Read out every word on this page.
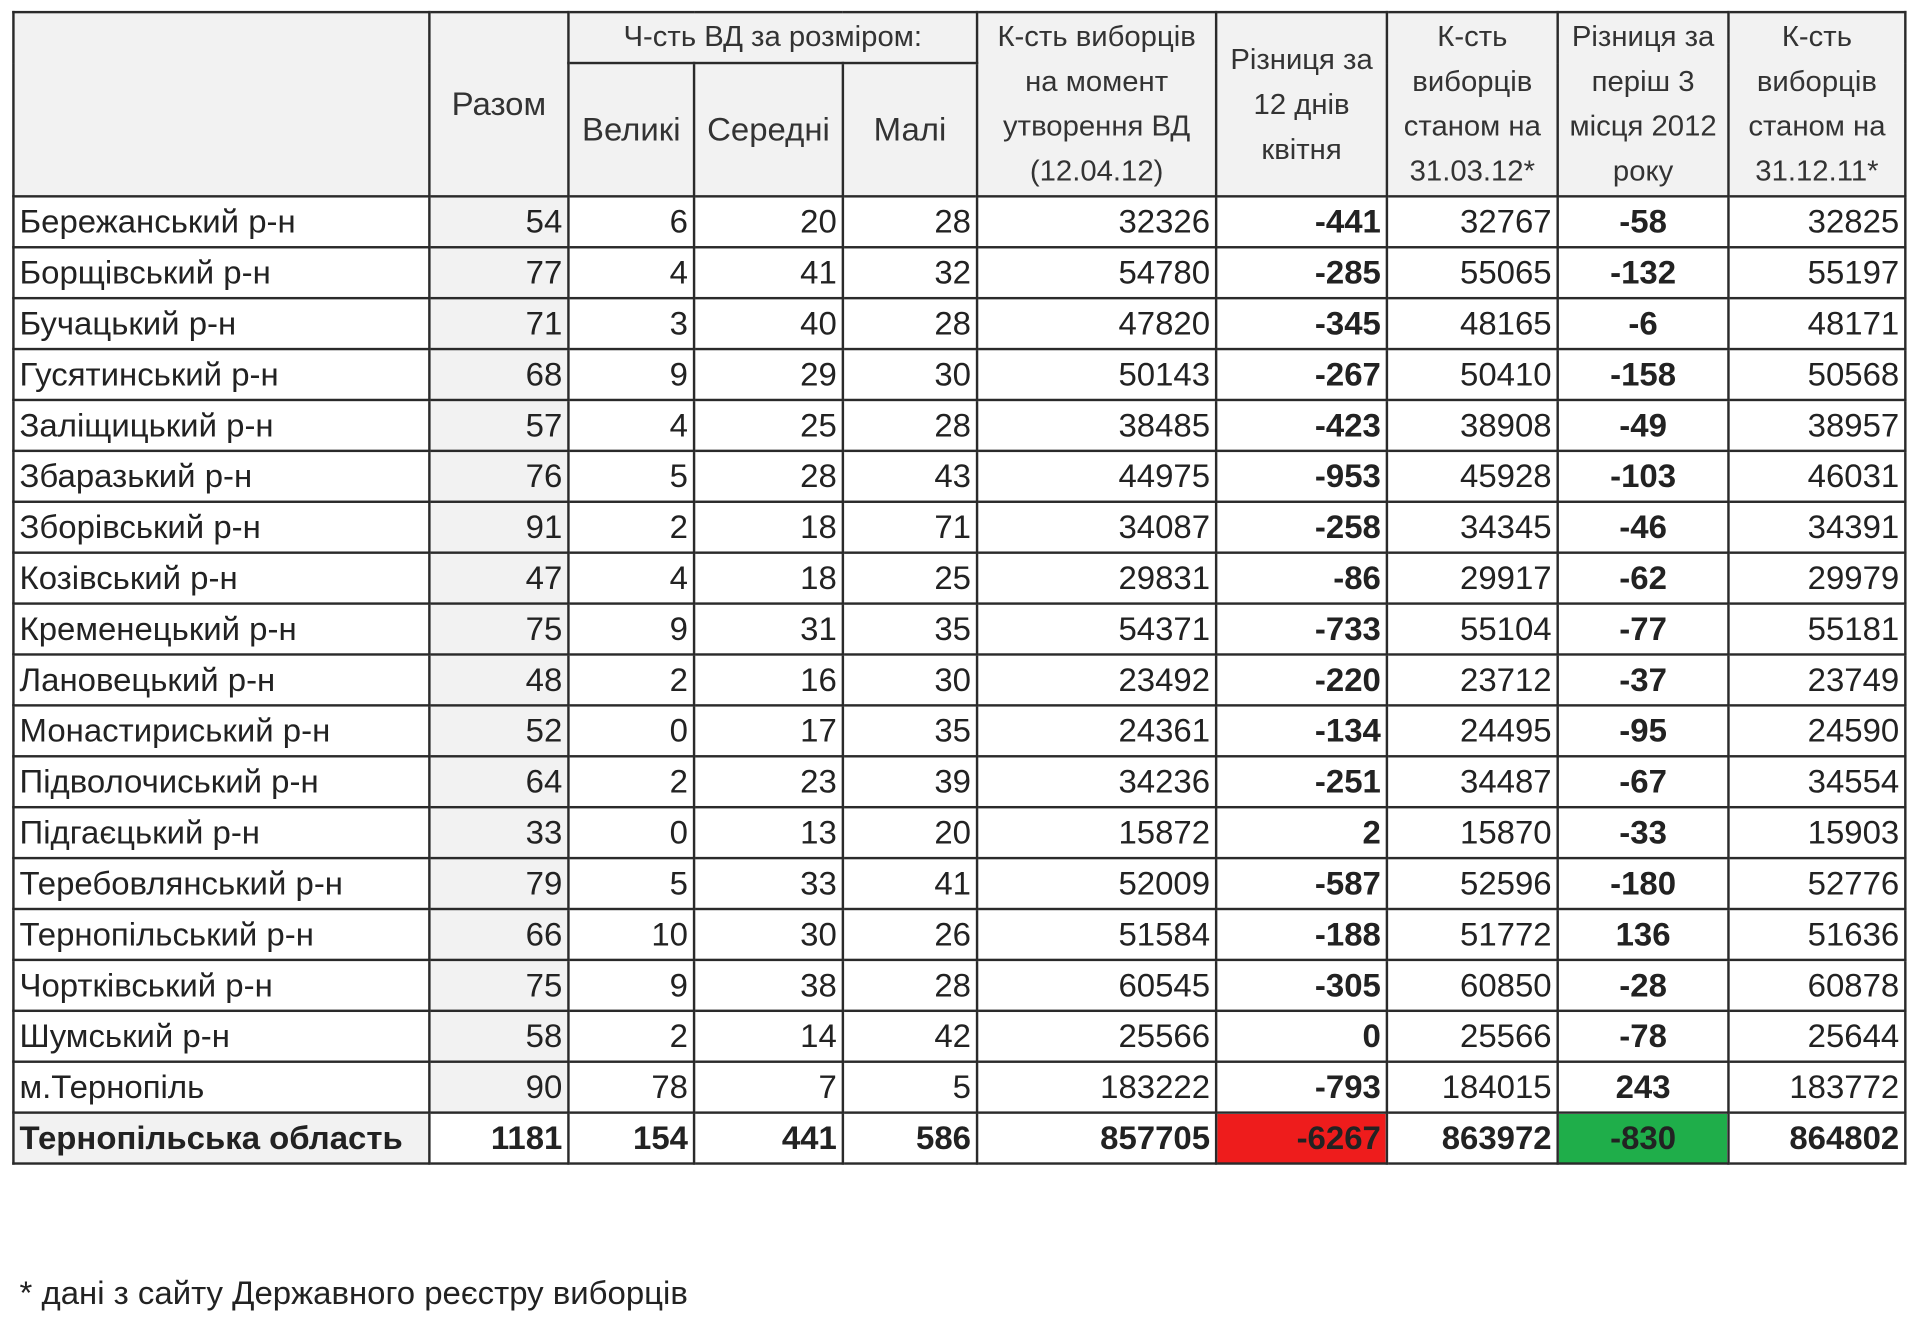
	Разом	Ч-сть ВД за розміром:			К-сть виборців на момент утворення ВД (12.04.12)	Різниця за 12 днів квітня	К-сть виборців станом на 31.03.12*	Різниця за періш 3 місця 2012 року	К-сть виборців станом на 31.12.11*
		Великі	Середні	Малі					
Бережанський р-н	54	6	20	28	32326	-441	32767	-58	32825
Борщівський р-н	77	4	41	32	54780	-285	55065	-132	55197
Бучацький р-н	71	3	40	28	47820	-345	48165	-6	48171
Гусятинський р-н	68	9	29	30	50143	-267	50410	-158	50568
Заліщицький р-н	57	4	25	28	38485	-423	38908	-49	38957
Збаразький р-н	76	5	28	43	44975	-953	45928	-103	46031
Зборівський р-н	91	2	18	71	34087	-258	34345	-46	34391
Козівський р-н	47	4	18	25	29831	-86	29917	-62	29979
Кременецький р-н	75	9	31	35	54371	-733	55104	-77	55181
Лановецький р-н	48	2	16	30	23492	-220	23712	-37	23749
Монастириський р-н	52	0	17	35	24361	-134	24495	-95	24590
Підволочиський р-н	64	2	23	39	34236	-251	34487	-67	34554
Підгаєцький р-н	33	0	13	20	15872	2	15870	-33	15903
Теребовлянський р-н	79	5	33	41	52009	-587	52596	-180	52776
Тернопільський р-н	66	10	30	26	51584	-188	51772	136	51636
Чортківський р-н	75	9	38	28	60545	-305	60850	-28	60878
Шумський р-н	58	2	14	42	25566	0	25566	-78	25644
м.Тернопіль	90	78	7	5	183222	-793	184015	243	183772
Тернопільська область	1181	154	441	586	857705	-6267	863972	-830	864802
* дані з сайту Державного реєстру виборців
